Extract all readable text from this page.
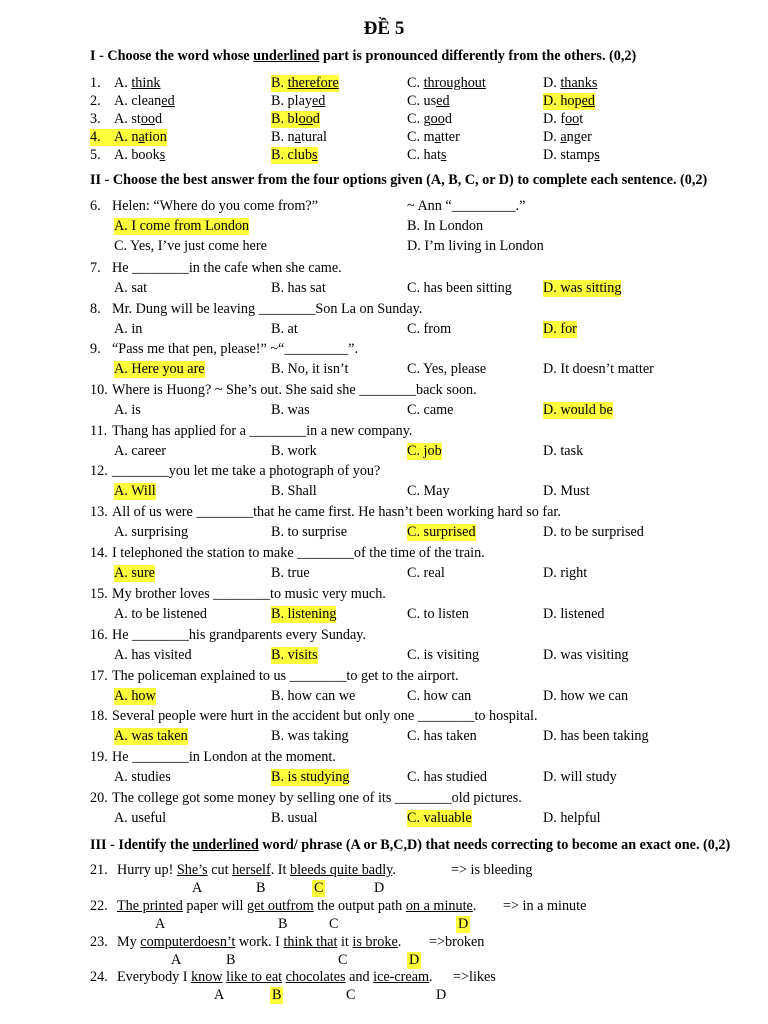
ĐỀ 5
I - Choose the word whose underlined part is pronounced differently from the others. (0,2)
1. A. think	B. therefore	C. throughout	D. thanks
2. A. cleaned	B. played	C. used	D. hoped
3. A. stood	B. blood	C. good	D. foot
4. A. nation	B. natural	C. matter	D. anger
5. A. books	B. clubs	C. hats	D. stamps
II - Choose the best answer from the four options given (A, B, C, or D) to complete each sentence. (0,2)
6. Helen: “Where do you come from?”	~ Ann “_________.”
A. I come from London	B. In London
C. Yes, I’ve just come here	D. I’m living in London
7. He ________in the cafe when she came.
A. sat	B. has sat	C. has been sitting D. was sitting
8. Mr. Dung will be leaving ________Son La on Sunday.
A. in	B. at	C. from	D. for
9. “Pass me that pen, please!” ~“_________”.
A. Here you are	B. No, it isn’t	C. Yes, please	D. It doesn’t matter
10. Where is Huong? ~ She’s out. She said she ________back soon.
A. is	B. was	C. came	D. would be
11. Thang has applied for a ________in a new company.
A. career	B. work	C. job	D. task
12. ________you let me take a photograph of you?
A. Will	B. Shall	C. May	D. Must
13. All of us were ________that he came first. He hasn’t been working hard so far.
A. surprising	B. to surprise	C. surprised	D. to be surprised
14. I telephoned the station to make ________of the time of the train.
A. sure	B. true	C. real	D. right
15. My brother loves ________to music very much.
A. to be listened	B. listening	C. to listen	D. listened
16. He ________his grandparents every Sunday.
A. has visited	B. visits	C. is visiting	D. was visiting
17. The policeman explained to us ________to get to the airport.
A. how	B. how can we	C. how can	D. how we can
18. Several people were hurt in the accident but only one ________to hospital.
A. was taken	B. was taking	C. has taken	D. has been taking
19. He ________in London at the moment.
A. studies	B. is studying	C. has studied	D. will study
20. The college got some money by selling one of its ________old pictures.
A. useful	B. usual	C. valuable	D. helpful
III - Identify the underlined word/ phrase (A or B,C,D) that needs correcting to become an exact one. (0,2)
21. Hurry up! She’s cut herself. It bleeds quite badly.	=> is bleeding
A	B	C	D
22. The printed paper will get outfrom the output path on a minute. => in a minute
A	B	C	D
23. My computerdoesn’t work. I think that it is broke. =>broken
A	B	C	D
24. Everybody I know like to eat chocolates and ice-cream. =>likes
A	B	C	D
